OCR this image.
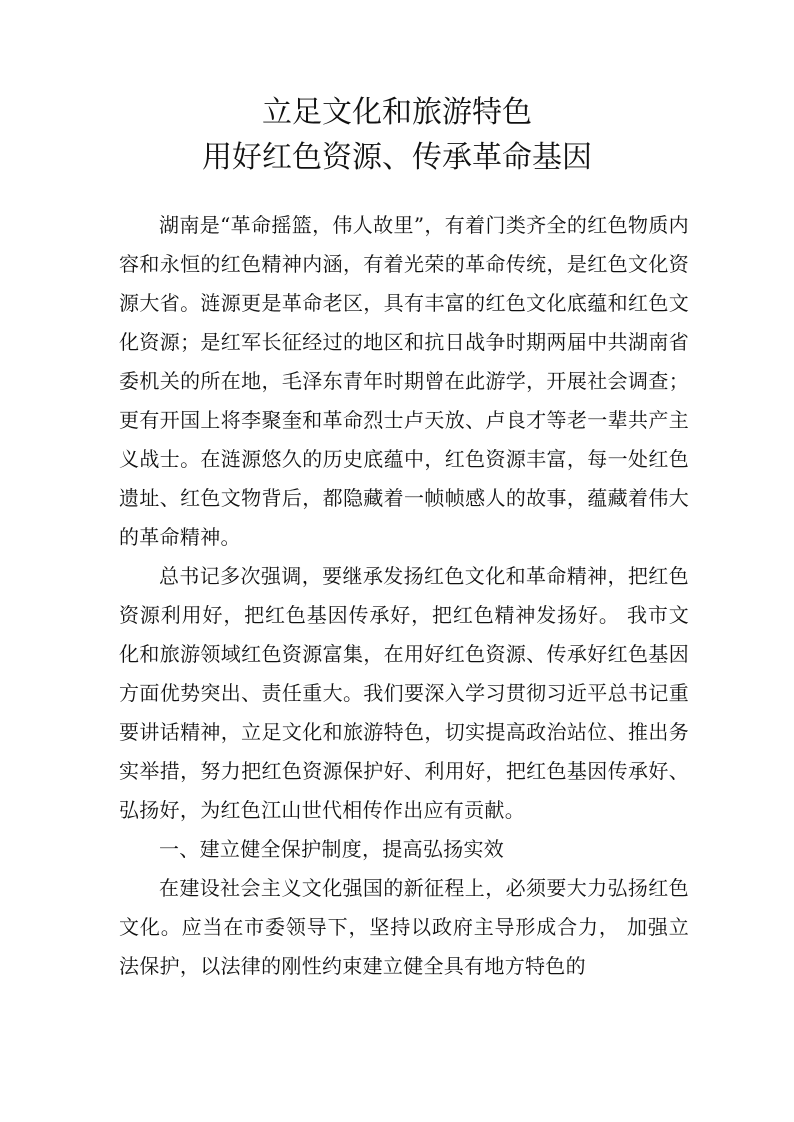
立足文化和旅游特色
用好红色资源、传承革命基因

湖南是“革命摇篮，伟人故里”，有着门类齐全的红色物质内容和永恒的红色精神内涵，有着光荣的革命传统，是红色文化资源大省。涟源更是革命老区，具有丰富的红色文化底蕴和红色文化资源；是红军长征经过的地区和抗日战争时期两届中共湖南省委机关的所在地，毛泽东青年时期曾在此游学，开展社会调查；更有开国上将李聚奎和革命烈士卢天放、卢良才等老一辈共产主义战士。在涟源悠久的历史底蕴中，红色资源丰富，每一处红色遗址、红色文物背后，都隐藏着一帧帧感人的故事，蕴藏着伟大的革命精神。

总书记多次强调，要继承发扬红色文化和革命精神，把红色资源利用好，把红色基因传承好，把红色精神发扬好。 我市文化和旅游领域红色资源富集，在用好红色资源、传承好红色基因方面优势突出、责任重大。我们要深入学习贯彻习近平总书记重要讲话精神，立足文化和旅游特色，切实提高政治站位、推出务实举措，努力把红色资源保护好、利用好，把红色基因传承好、弘扬好，为红色江山世代相传作出应有贡献。

一、建立健全保护制度，提高弘扬实效

在建设社会主义文化强国的新征程上，必须要大力弘扬红色文化。应当在市委领导下，坚持以政府主导形成合力， 加强立法保护，以法律的刚性约束建立健全具有地方特色的
